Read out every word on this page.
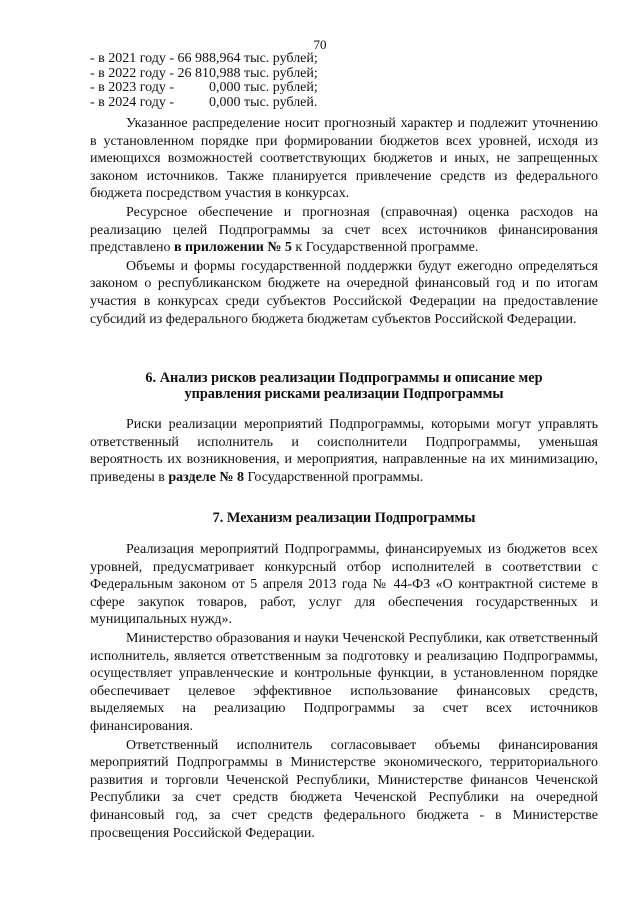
70
- в 2021 году - 66 988,964 тыс. рублей;
- в 2022 году - 26 810,988 тыс. рублей;
- в 2023 году -          0,000 тыс. рублей;
- в 2024 году -          0,000 тыс. рублей.

Указанное распределение носит прогнозный характер и подлежит уточнению в установленном порядке при формировании бюджетов всех уровней, исходя из имеющихся возможностей соответствующих бюджетов и иных, не запрещенных законом источников. Также планируется привлечение средств из федерального бюджета посредством участия в конкурсах.

Ресурсное обеспечение и прогнозная (справочная) оценка расходов на реализацию целей Подпрограммы за счет всех источников финансирования представлено в приложении № 5 к Государственной программе.

Объемы и формы государственной поддержки будут ежегодно определяться законом о республиканском бюджете на очередной финансовый год и по итогам участия в конкурсах среди субъектов Российской Федерации на предоставление субсидий из федерального бюджета бюджетам субъектов Российской Федерации.

6. Анализ рисков реализации Подпрограммы и описание мер
управления рисками реализации Подпрограммы

Риски реализации мероприятий Подпрограммы, которыми могут управлять ответственный исполнитель и соисполнители Подпрограммы, уменьшая вероятность их возникновения, и мероприятия, направленные на их минимизацию, приведены в разделе № 8 Государственной программы.

7. Механизм реализации Подпрограммы

Реализация мероприятий Подпрограммы, финансируемых из бюджетов всех уровней, предусматривает конкурсный отбор исполнителей в соответствии с Федеральным законом от 5 апреля 2013 года № 44-ФЗ «О контрактной системе в сфере закупок товаров, работ, услуг для обеспечения государственных и муниципальных нужд».

Министерство образования и науки Чеченской Республики, как ответственный исполнитель, является ответственным за подготовку и реализацию Подпрограммы, осуществляет управленческие и контрольные функции, в установленном порядке обеспечивает целевое эффективное использование финансовых средств, выделяемых на реализацию Подпрограммы за счет всех источников финансирования.

Ответственный исполнитель согласовывает объемы финансирования мероприятий Подпрограммы в Министерстве экономического, территориального развития и торговли Чеченской Республики, Министерстве финансов Чеченской Республики за счет средств бюджета Чеченской Республики на очередной финансовый год, за счет средств федерального бюджета - в Министерстве просвещения Российской Федерации.
